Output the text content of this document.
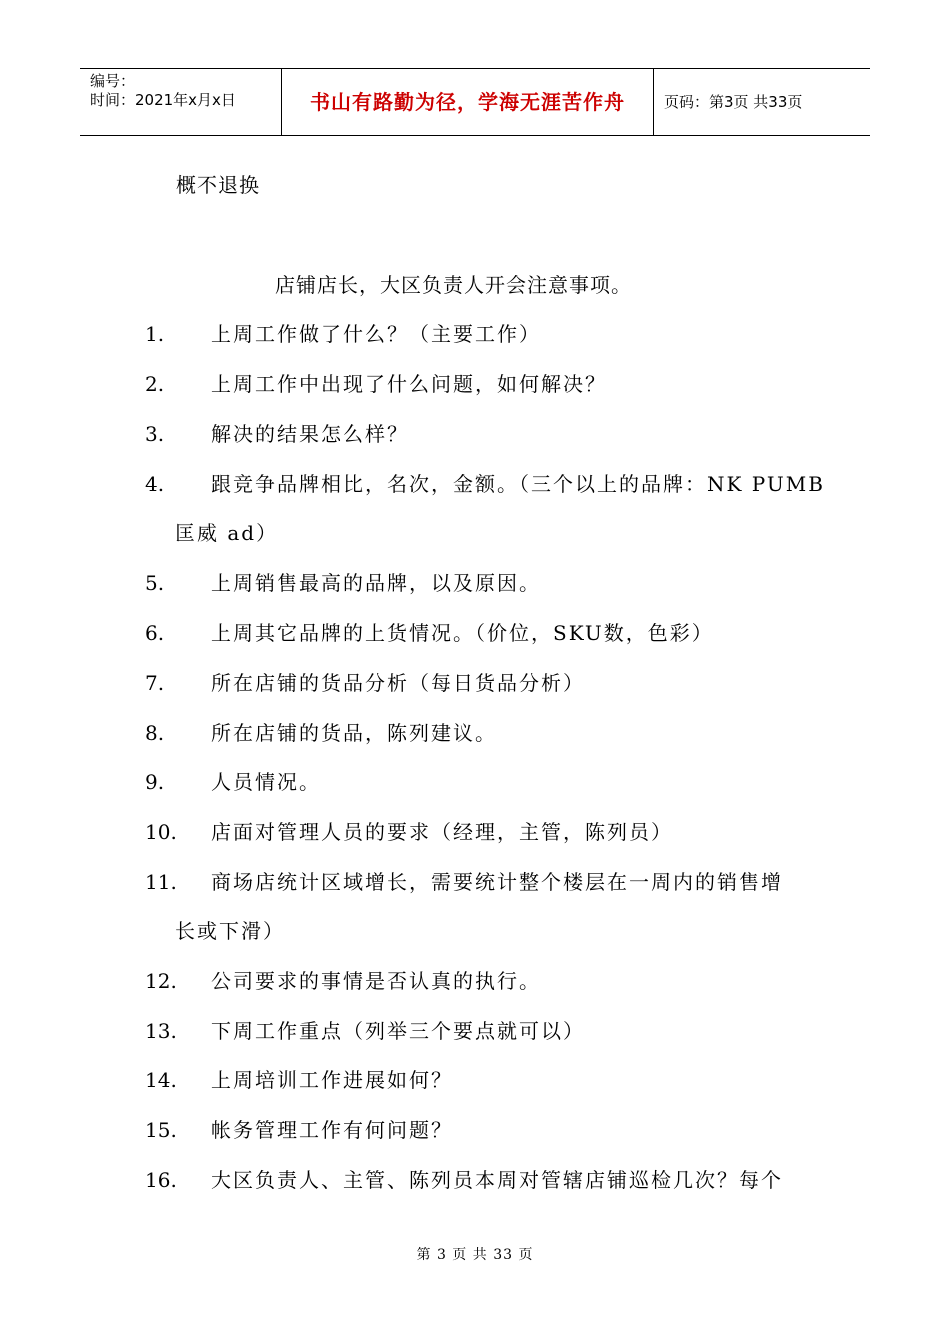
编号：
时间：2021年x月x日	书山有路勤为径，学海无涯苦作舟	页码：第3页 共33页
概不退换
店铺店长，大区负责人开会注意事项。
1. 上周工作做了什么？（主要工作）
2. 上周工作中出现了什么问题，如何解决？
3. 解决的结果怎么样？
4. 跟竞争品牌相比，名次，金额。（三个以上的品牌：NK PUMB
匡威 ad）
5. 上周销售最高的品牌，以及原因。
6. 上周其它品牌的上货情况。（价位，SKU数，色彩）
7. 所在店铺的货品分析（每日货品分析）
8. 所在店铺的货品，陈列建议。
9. 人员情况。
10. 店面对管理人员的要求（经理，主管，陈列员）
11. 商场店统计区域增长，需要统计整个楼层在一周内的销售增
长或下滑）
12. 公司要求的事情是否认真的执行。
13. 下周工作重点（列举三个要点就可以）
14. 上周培训工作进展如何？
15. 帐务管理工作有何问题？
16. 大区负责人、主管、陈列员本周对管辖店铺巡检几次？每个
第 3 页 共 33 页
